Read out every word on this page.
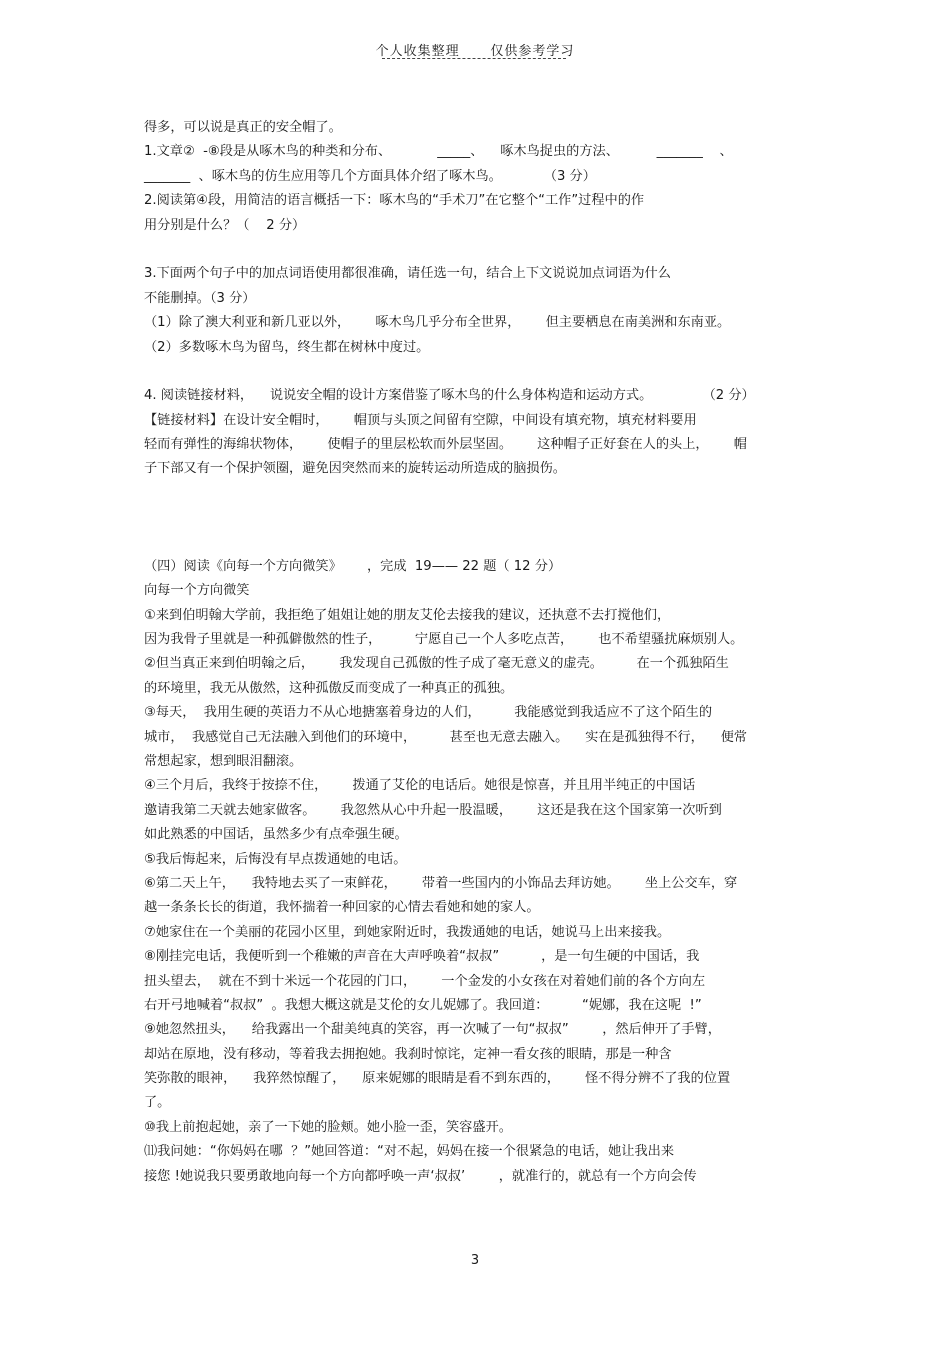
个人收集整理 仅供参考学习
得多，可以说是真正的安全帽了。
1.文章②  -⑧段是从啄木鸟的种类和分布、           _____、    啄木鸟捉虫的方法、         _______    、
_______  、啄木鸟的仿生应用等几个方面具体介绍了啄木鸟。          （3 分）
2.阅读第④段，用简洁的语言概括一下：啄木鸟的“手术刀”在它整个“工作”过程中的作
用分别是什么？（    2 分）
3.下面两个句子中的加点词语使用都很准确，请任选一句，结合上下文说说加点词语为什么
不能删掉。（3 分）
（1）除了澳大利亚和新几亚以外，      啄木鸟几乎分布全世界，      但主要栖息在南美洲和东南亚。
（2）多数啄木鸟为留鸟，终生都在树林中度过。
4. 阅读链接材料，    说说安全帽的设计方案借鉴了啄木鸟的什么身体构造和运动方式。            （2 分）
【链接材料】在设计安全帽时，      帽顶与头顶之间留有空隙，中间设有填充物，填充材料要用
轻而有弹性的海绵状物体，      使帽子的里层松软而外层坚固。      这种帽子正好套在人的头上，      帽
子下部又有一个保护领圈，避免因突然而来的旋转运动所造成的脑损伤。
（四）阅读《向每一个方向微笑》      ，完成  19—— 22 题（ 12 分）
向每一个方向微笑
①来到伯明翰大学前，我拒绝了姐姐让她的朋友艾伦去接我的建议，还执意不去打搅他们，
因为我骨子里就是一种孤僻傲然的性子，        宁愿自己一个人多吃点苦，      也不希望骚扰麻烦别人。
②但当真正来到伯明翰之后，      我发现自己孤傲的性子成了毫无意义的虚壳。        在一个孤独陌生
的环境里，我无从傲然，这种孤傲反而变成了一种真正的孤独。
③每天，  我用生硬的英语力不从心地搪塞着身边的人们，        我能感觉到我适应不了这个陌生的
城市，  我感觉自己无法融入到他们的环境中，        甚至也无意去融入。    实在是孤独得不行，    便常
常想起家，想到眼泪翻滚。
④三个月后，我终于按捺不住，      拨通了艾伦的电话后。她很是惊喜，并且用半纯正的中国话
邀请我第二天就去她家做客。      我忽然从心中升起一股温暖，      这还是我在这个国家第一次听到
如此熟悉的中国话，虽然多少有点牵强生硬。
⑤我后悔起来，后悔没有早点拨通她的电话。
⑥第二天上午，    我特地去买了一束鲜花，      带着一些国内的小饰品去拜访她。      坐上公交车，穿
越一条条长长的街道，我怀揣着一种回家的心情去看她和她的家人。
⑦她家住在一个美丽的花园小区里，到她家附近时，我拨通她的电话，她说马上出来接我。
⑧刚挂完电话，我便听到一个稚嫩的声音在大声呼唤着“叔叔”          ，是一句生硬的中国话，我
扭头望去，  就在不到十米远一个花园的门口，      一个金发的小女孩在对着她们前的各个方向左
右开弓地喊着“叔叔”  。我想大概这就是艾伦的女儿妮娜了。我回道：        “妮娜，我在这呢  !”
⑨她忽然扭头，    给我露出一个甜美纯真的笑容，再一次喊了一句“叔叔”        ，然后伸开了手臂，
却站在原地，没有移动，等着我去拥抱她。我刹时惊诧，定神一看女孩的眼睛，那是一种含
笑弥散的眼神，    我猝然惊醒了，    原来妮娜的眼睛是看不到东西的，      怪不得分辨不了我的位置
了。
⑩我上前抱起她，亲了一下她的脸颊。她小脸一歪，笑容盛开。
⑾我问她：“你妈妈在哪  ？”她回答道：“对不起，妈妈在接一个很紧急的电话，她让我出来
接您 !她说我只要勇敢地向每一个方向都呼唤一声‘叔叔’        ，就准行的，就总有一个方向会传
3
